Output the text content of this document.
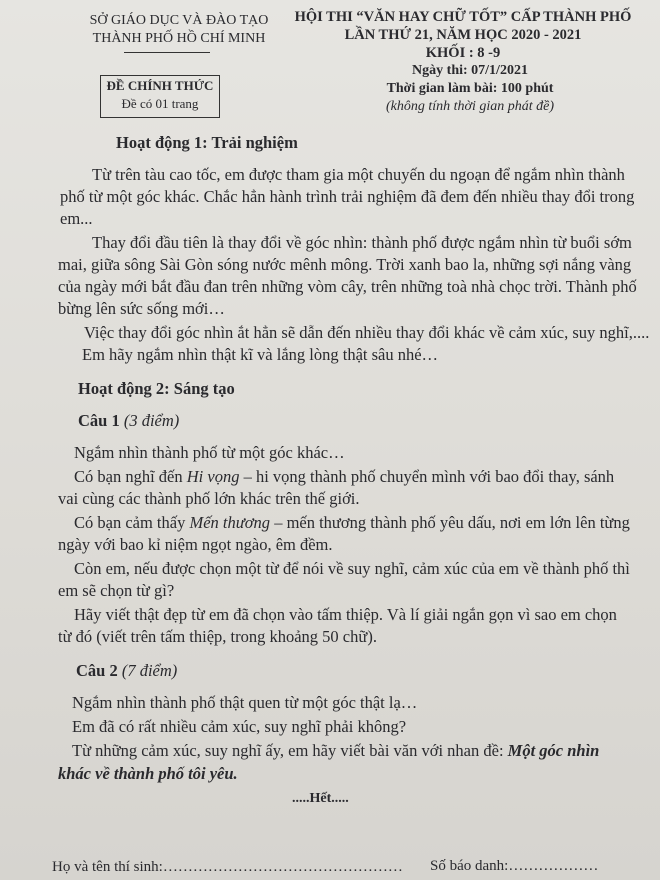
SỞ GIÁO DỤC VÀ ĐÀO TẠO
THÀNH PHỐ HỒ CHÍ MINH
ĐỀ CHÍNH THỨC
Đề có 01 trang
HỘI THI “VĂN HAY CHỮ TỐT” CẤP THÀNH PHỐ
LẦN THỨ 21, NĂM HỌC 2020 - 2021
KHỐI : 8 -9
Ngày thi: 07/1/2021
Thời gian làm bài: 100 phút
(không tính thời gian phát đề)
Hoạt động 1: Trải nghiệm
Từ trên tàu cao tốc, em được tham gia một chuyến du ngoạn để ngắm nhìn thành
phố từ một góc khác. Chắc hẳn hành trình trải nghiệm đã đem đến nhiều thay đổi trong
em...
Thay đổi đầu tiên là thay đổi về góc nhìn: thành phố được ngắm nhìn từ buổi sớm
mai, giữa sông Sài Gòn sóng nước mênh mông. Trời xanh bao la, những sợi nắng vàng
của ngày mới bắt đầu đan trên những vòm cây, trên những toà nhà chọc trời. Thành phố
bừng lên sức sống mới…
Việc thay đổi góc nhìn ắt hẳn sẽ dẫn đến nhiều thay đổi khác về cảm xúc, suy nghĩ,....
Em hãy ngắm nhìn thật kĩ và lắng lòng thật sâu nhé…
Hoạt động 2: Sáng tạo
Câu 1 (3 điểm)
Ngắm nhìn thành phố từ một góc khác…
Có bạn nghĩ đến Hi vọng – hi vọng thành phố chuyển mình với bao đổi thay, sánh
vai cùng các thành phố lớn khác trên thế giới.
Có bạn cảm thấy Mến thương – mến thương thành phố yêu dấu, nơi em lớn lên từng
ngày với bao kỉ niệm ngọt ngào, êm đềm.
Còn em, nếu được chọn một từ để nói về suy nghĩ, cảm xúc của em về thành phố thì
em sẽ chọn từ gì?
Hãy viết thật đẹp từ em đã chọn vào tấm thiệp. Và lí giải ngắn gọn vì sao em chọn
từ đó (viết trên tấm thiệp, trong khoảng 50 chữ).
Câu 2 (7 điểm)
Ngắm nhìn thành phố thật quen từ một góc thật lạ…
Em đã có rất nhiều cảm xúc, suy nghĩ phải không?
Từ những cảm xúc, suy nghĩ ấy, em hãy viết bài văn với nhan đề: Một góc nhìn
khác về thành phố tôi yêu.
.....Hết.....
Họ và tên thí sinh:………………………………………… Số báo danh:………………
